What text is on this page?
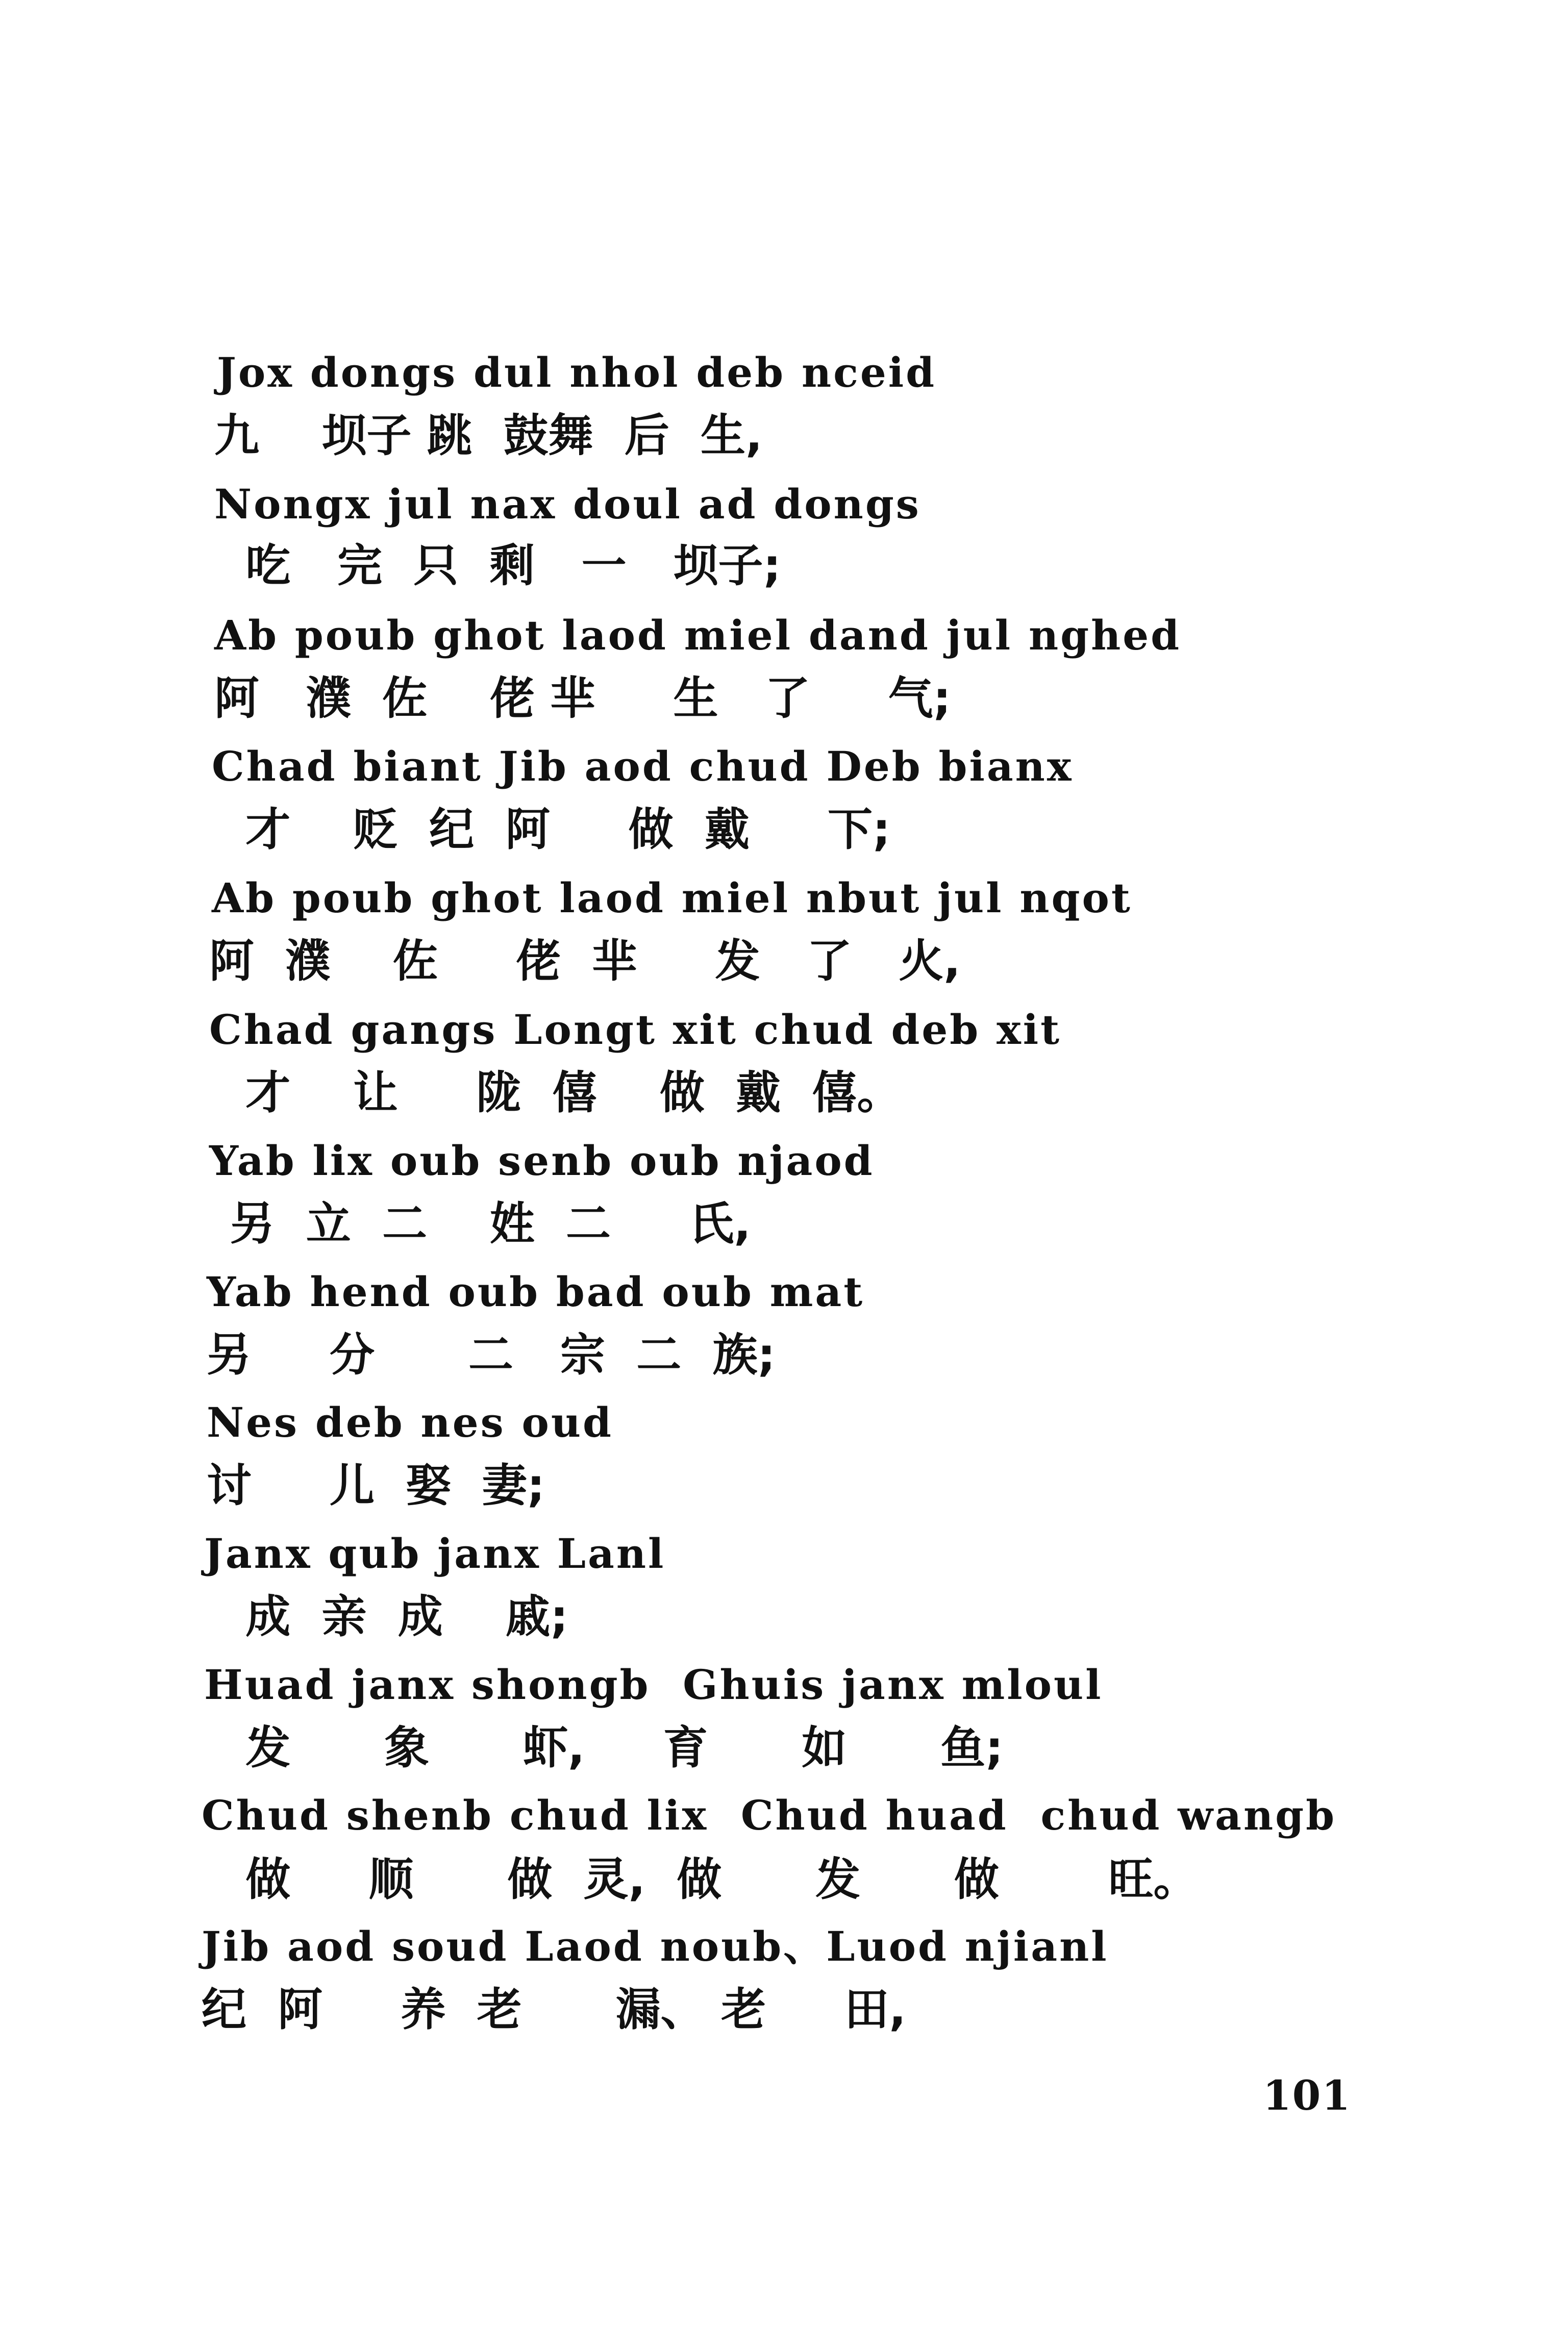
Jox dongs dul nhol deb nceid
九    坝子 跳  鼓舞  后  生,
Nongx jul nax doul ad dongs
吃   完  只  剩   一   坝子;
Ab poub ghot laod miel dand jul nghed
阿   濮  佐    佬 芈     生   了     气;
Chad biant Jib aod chud Deb bianx
才    贬  纪  阿     做  戴     下;
Ab poub ghot laod miel nbut jul nqot
阿  濮    佐     佬  芈     发   了   火,
Chad gangs Longt xit chud deb xit
才    让     陇  僖    做  戴  僖。
Yab lix oub senb oub njaod
另  立  二    姓  二     氏,
Yab hend oub bad oub mat
另     分      二   宗  二  族;
Nes deb nes oud
讨     儿  娶  妻;
Janx qub janx Lanl
成  亲  成    戚;
Huad janx shongb  Ghuis janx mloul
发      象      虾,     育      如      鱼;
Chud shenb chud lix  Chud huad  chud wangb
做     顺      做  灵,  做      发      做       旺。
Jib aod soud Laod noub、Luod njianl
纪  阿     养  老      漏、 老     田,
101
